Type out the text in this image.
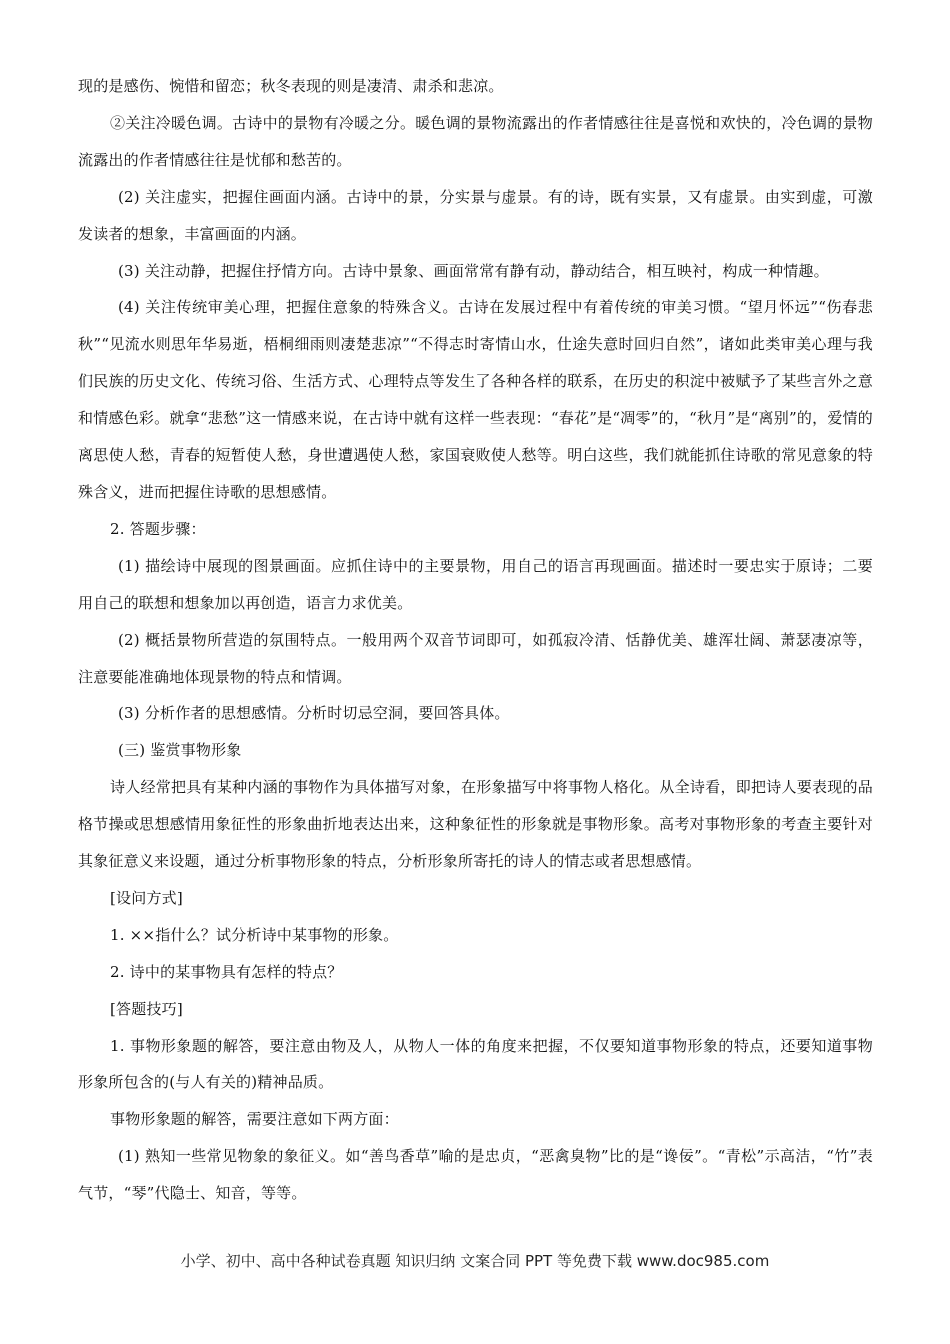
现的是感伤、惋惜和留恋；秋冬表现的则是凄清、肃杀和悲凉。

②关注冷暖色调。古诗中的景物有冷暖之分。暖色调的景物流露出的作者情感往往是喜悦和欢快的，冷色调的景物流露出的作者情感往往是忧郁和愁苦的。

(2) 关注虚实，把握住画面内涵。古诗中的景，分实景与虚景。有的诗，既有实景，又有虚景。由实到虚，可激发读者的想象，丰富画面的内涵。

(3) 关注动静，把握住抒情方向。古诗中景象、画面常常有静有动，静动结合，相互映衬，构成一种情趣。

(4) 关注传统审美心理，把握住意象的特殊含义。古诗在发展过程中有着传统的审美习惯。“望月怀远”“伤春悲秋”“见流水则思年华易逝，梧桐细雨则凄楚悲凉”“不得志时寄情山水，仕途失意时回归自然”，诸如此类审美心理与我们民族的历史文化、传统习俗、生活方式、心理特点等发生了各种各样的联系，在历史的积淀中被赋予了某些言外之意和情感色彩。就拿“悲愁”这一情感来说，在古诗中就有这样一些表现：“春花”是“凋零”的，“秋月”是“离别”的，爱情的离思使人愁，青春的短暂使人愁，身世遭遇使人愁，家国衰败使人愁等。明白这些，我们就能抓住诗歌的常见意象的特殊含义，进而把握住诗歌的思想感情。

2. 答题步骤：

(1) 描绘诗中展现的图景画面。应抓住诗中的主要景物，用自己的语言再现画面。描述时一要忠实于原诗；二要用自己的联想和想象加以再创造，语言力求优美。

(2) 概括景物所营造的氛围特点。一般用两个双音节词即可，如孤寂冷清、恬静优美、雄浑壮阔、萧瑟凄凉等，注意要能准确地体现景物的特点和情调。

(3) 分析作者的思想感情。分析时切忌空洞，要回答具体。

(三) 鉴赏事物形象

诗人经常把具有某种内涵的事物作为具体描写对象，在形象描写中将事物人格化。从全诗看，即把诗人要表现的品格节操或思想感情用象征性的形象曲折地表达出来，这种象征性的形象就是事物形象。高考对事物形象的考查主要针对其象征意义来设题，通过分析事物形象的特点，分析形象所寄托的诗人的情志或者思想感情。

[设问方式]

1. ××指什么？试分析诗中某事物的形象。

2. 诗中的某事物具有怎样的特点？

[答题技巧]

1. 事物形象题的解答，要注意由物及人，从物人一体的角度来把握，不仅要知道事物形象的特点，还要知道事物形象所包含的(与人有关的)精神品质。

事物形象题的解答，需要注意如下两方面：

(1) 熟知一些常见物象的象征义。如“善鸟香草”喻的是忠贞，“恶禽臭物”比的是“谗佞”。“青松”示高洁，“竹”表气节，“琴”代隐士、知音，等等。

小学、初中、高中各种试卷真题 知识归纳 文案合同 PPT 等免费下载 www.doc985.com
